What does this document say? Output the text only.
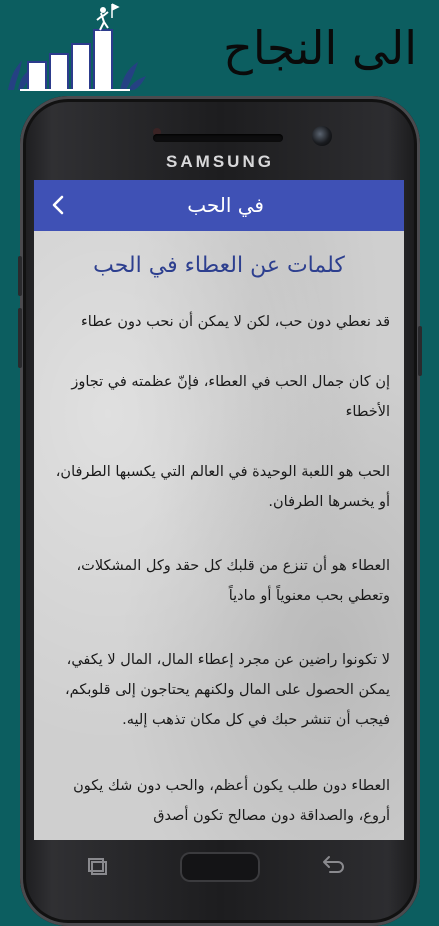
الى النجاح
SAMSUNG
في الحب
كلمات عن العطاء في الحب
قد نعطي دون حب، لكن لا يمكن أن نحب دون عطاء
إن كان جمال الحب في العطاء، فإنّ عظمته في تجاوز الأخطاء
الحب هو اللعبة الوحيدة في العالم التي يكسبها الطرفان، أو يخسرها الطرفان.
العطاء هو أن تنزع من قلبك كل حقد وكل المشكلات، وتعطي بحب معنوياً أو مادياً
لا تكونوا راضين عن مجرد إعطاء المال، المال لا يكفي، يمكن الحصول على المال ولكنهم يحتاجون إلى قلوبكم، فيجب أن تنشر حبك في كل مكان تذهب إليه.
العطاء دون طلب يكون أعظم، والحب دون شك يكون أروع، والصداقة دون مصالح تكون أصدق
